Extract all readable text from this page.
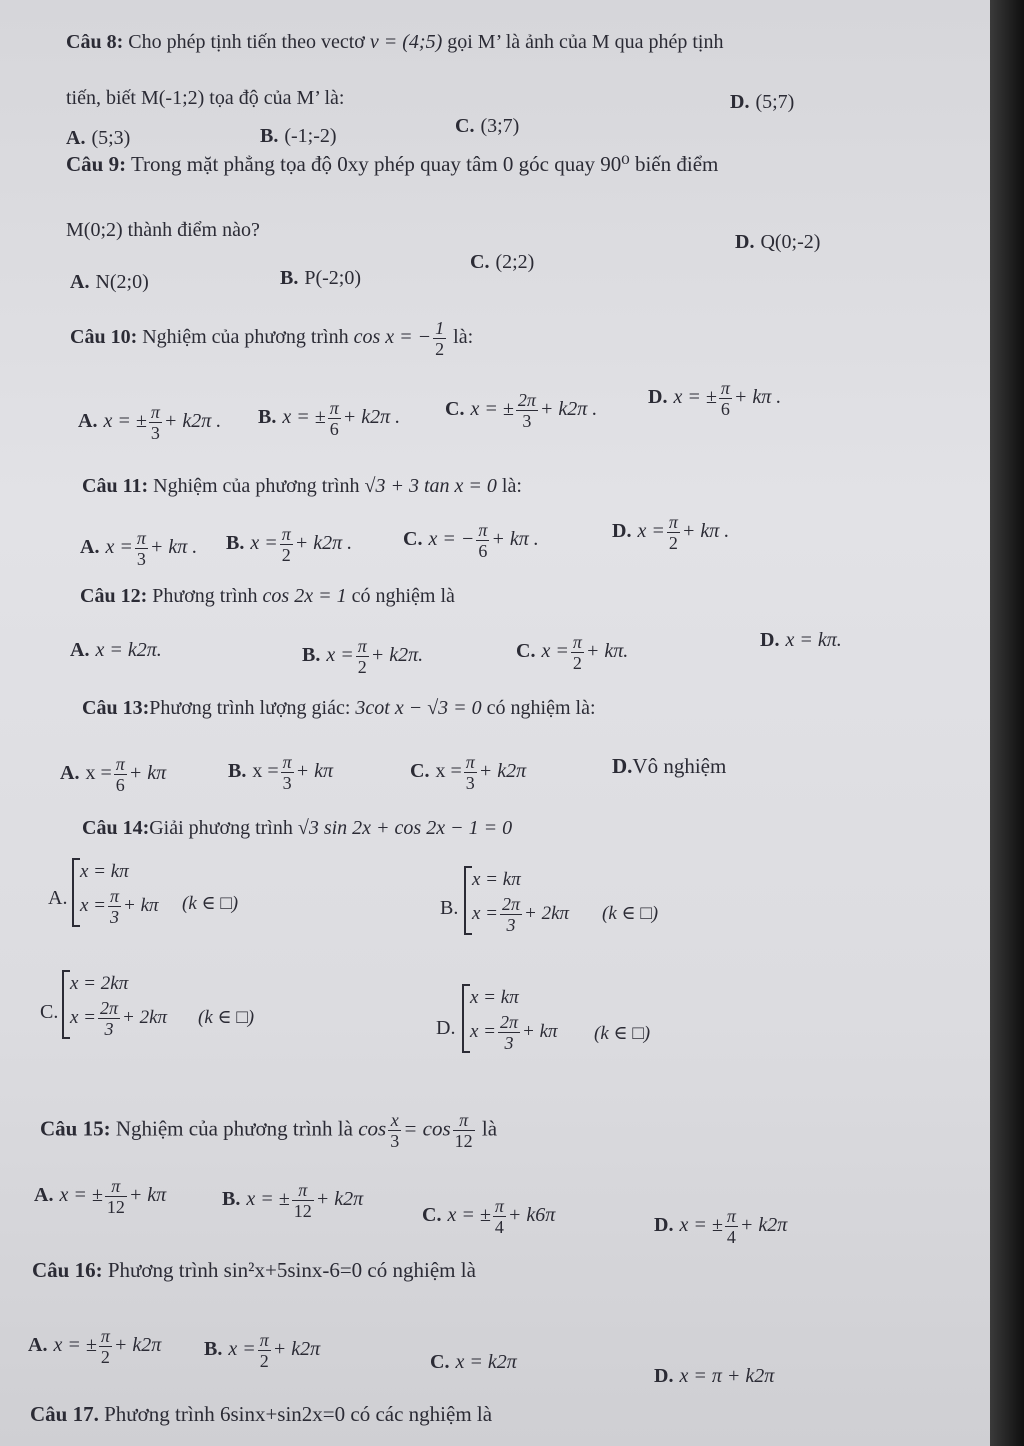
Câu 8: Cho phép tịnh tiến theo vectơ v = (4;5) gọi M’ là ảnh của M qua phép tịnh
tiến, biết M(-1;2) tọa độ của M’ là:	D. (5;7)
A. (5;3)	B. (-1;-2)	C. (3;7)
Câu 9: Trong mặt phẳng tọa độ 0xy phép quay tâm 0 góc quay 90⁰ biến điểm
M(0;2) thành điểm nào?
D. Q(0;-2)
C. (2;2)
A. N(2;0)	B. P(-2;0)
Câu 10: Nghiệm của phương trình cos x = − $\frac{1}{2}$ là:
A. x = ± $\frac{\pi}{3} + k2\pi$ . B. x = ± $\frac{\pi}{6} + k2\pi$ . C. x = ± $\frac{2\pi}{3} + k2\pi$ .
D. x = ± $\frac{\pi}{6} + k\pi$ .
Câu 11: Nghiệm của phương trình √3 + 3 tan x = 0 là:
A. $x = \frac{\pi}{3} + k\pi$ . B. $x = \frac{\pi}{2} + k2\pi$ .	C. x = − $\frac{\pi}{6} + k\pi$ .	D. $x = \frac{\pi}{2} + k\pi$ .
Câu 12: Phương trình cos 2x = 1 có nghiệm là
A. x = k2π.	B. $x = \frac{\pi}{2} + k2\pi$.	C. $x = \frac{\pi}{2} + k\pi$.
D. x = kπ.
Câu 13:Phương trình lượng giác: 3cot x − √3 = 0 có nghiệm là:
A. $x = \frac{\pi}{6} + k\pi$	B. $x = \frac{\pi}{3} + k\pi$	C. $x = \frac{\pi}{3} + k2\pi$	D.Vô nghiệm
Câu 14:Giải phương trình √3 sin 2x + cos 2x − 1 = 0
A.
x = kπ
$x = \frac{\pi}{3} + k\pi$ (k ∈ □)	B.
x = kπ
$x = \frac{2\pi}{3} + 2k\pi$ (k ∈ □)
C.
x = 2kπ
$x = \frac{2\pi}{3} + 2k\pi$ (k ∈ □)	D.
x = kπ
$x = \frac{2\pi}{3} + k\pi$ (k ∈ □)
Câu 15: Nghiệm của phương trình là $\cos \frac{x}{3} = \cos \frac{\pi}{12}$ là
A. x = ± $\frac{\pi}{12} + k\pi$	B. x = ± $\frac{\pi}{12} + k2\pi$
C. x = ± $\frac{\pi}{4} + k6\pi$	D. x = ± $\frac{\pi}{4} + k2\pi$
Câu 16: Phương trình sin²x+5sinx-6=0 có nghiệm là
A. x = ± $\frac{\pi}{2} + k2\pi$ B. $x = \frac{\pi}{2} + k2\pi$
C. x = k2π
D. x = π + k2π
Câu 17. Phương trình 6sinx+sin2x=0 có các nghiệm là
